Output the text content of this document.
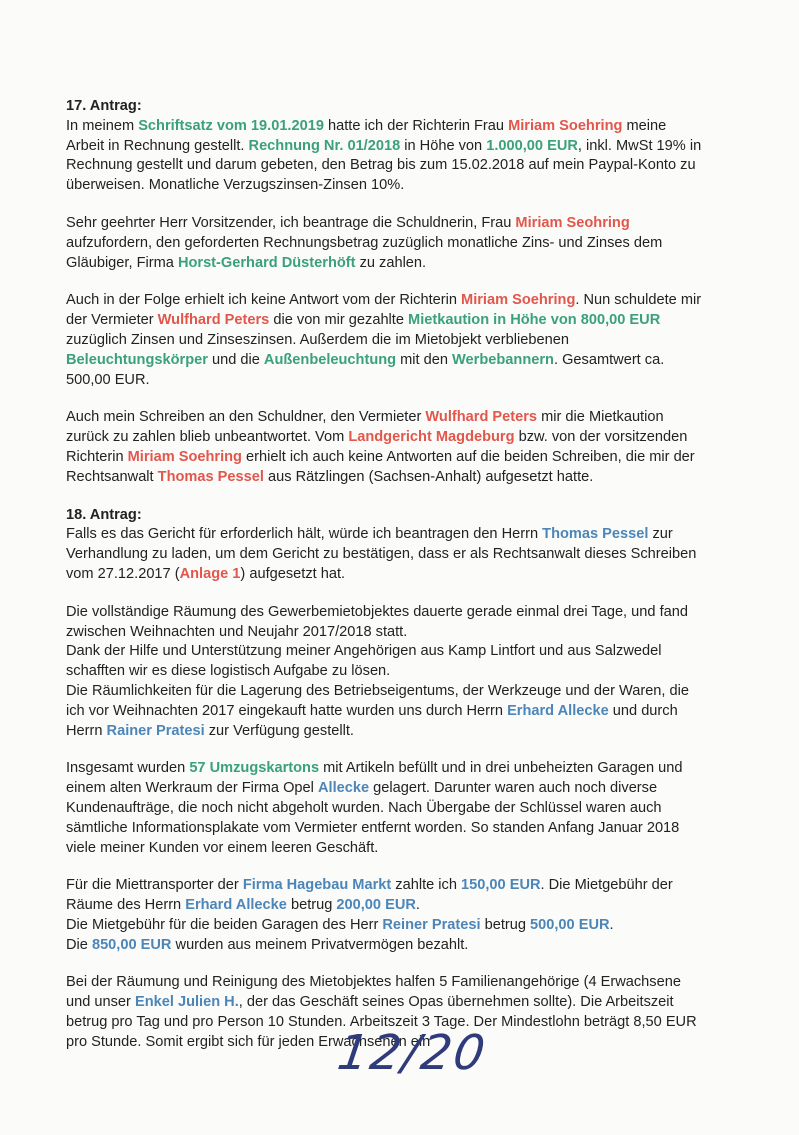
17. Antrag:

In meinem Schriftsatz vom 19.01.2019 hatte ich der Richterin Frau Miriam Soehring meine Arbeit in Rechnung gestellt. Rechnung Nr. 01/2018 in Höhe von 1.000,00 EUR, inkl. MwSt 19% in Rechnung gestellt und darum gebeten, den Betrag bis zum 15.02.2018 auf mein Paypal-Konto zu überweisen. Monatliche Verzugszinsen-Zinsen 10%.

Sehr geehrter Herr Vorsitzender, ich beantrage die Schuldnerin, Frau Miriam Seohring aufzufordern, den geforderten Rechnungsbetrag zuzüglich monatliche Zins- und Zinses dem Gläubiger, Firma Horst-Gerhard Düsterhöft zu zahlen.

Auch in der Folge erhielt ich keine Antwort vom der Richterin Miriam Soehring. Nun schuldete mir der Vermieter Wulfhard Peters die von mir gezahlte Mietkaution in Höhe von 800,00 EUR zuzüglich Zinsen und Zinseszinsen. Außerdem die im Mietobjekt verbliebenen Beleuchtungskörper und die Außenbeleuchtung mit den Werbebannern. Gesamtwert ca. 500,00 EUR.

Auch mein Schreiben an den Schuldner, den Vermieter Wulfhard Peters mir die Mietkaution zurück zu zahlen blieb unbeantwortet. Vom Landgericht Magdeburg bzw. von der vorsitzenden Richterin Miriam Soehring erhielt ich auch keine Antworten auf die beiden Schreiben, die mir der Rechtsanwalt Thomas Pessel aus Rätzlingen (Sachsen-Anhalt) aufgesetzt hatte.

18. Antrag:

Falls es das Gericht für erforderlich hält, würde ich beantragen den Herrn Thomas Pessel zur Verhandlung zu laden, um dem Gericht zu bestätigen, dass er als Rechtsanwalt dieses Schreiben vom 27.12.2017 (Anlage 1) aufgesetzt hat.

Die vollständige Räumung des Gewerbemietobjektes dauerte gerade einmal drei Tage, und fand zwischen Weihnachten und Neujahr 2017/2018 statt.
Dank der Hilfe und Unterstützung meiner Angehörigen aus Kamp Lintfort und aus Salzwedel schafften wir es diese logistisch Aufgabe zu lösen.
Die Räumlichkeiten für die Lagerung des Betriebseigentums, der Werkzeuge und der Waren, die ich vor Weihnachten 2017 eingekauft hatte wurden uns durch Herrn Erhard Allecke und durch Herrn Rainer Pratesi zur Verfügung gestellt.

Insgesamt wurden 57 Umzugskartons mit Artikeln befüllt und in drei unbeheizten Garagen und einem alten Werkraum der Firma Opel Allecke gelagert. Darunter waren auch noch diverse Kundenaufträge, die noch nicht abgeholt wurden. Nach Übergabe der Schlüssel waren auch sämtliche Informationsplakate vom Vermieter entfernt worden. So standen Anfang Januar 2018 viele meiner Kunden vor einem leeren Geschäft.

Für die Miettransporter der Firma Hagebau Markt zahlte ich 150,00 EUR. Die Mietgebühr der Räume des Herrn Erhard Allecke betrug 200,00 EUR.
Die Mietgebühr für die beiden Garagen des Herr Reiner Pratesi betrug 500,00 EUR.
Die 850,00 EUR wurden aus meinem Privatvermögen bezahlt.

Bei der Räumung und Reinigung des Mietobjektes halfen 5 Familienangehörige (4 Erwachsene und unser Enkel Julien H., der das Geschäft seines Opas übernehmen sollte). Die Arbeitszeit betrug pro Tag und pro Person 10 Stunden. Arbeitszeit 3 Tage. Der Mindestlohn beträgt 8,50 EUR pro Stunde. Somit ergibt sich für jeden Erwachsenen ein

12/20
